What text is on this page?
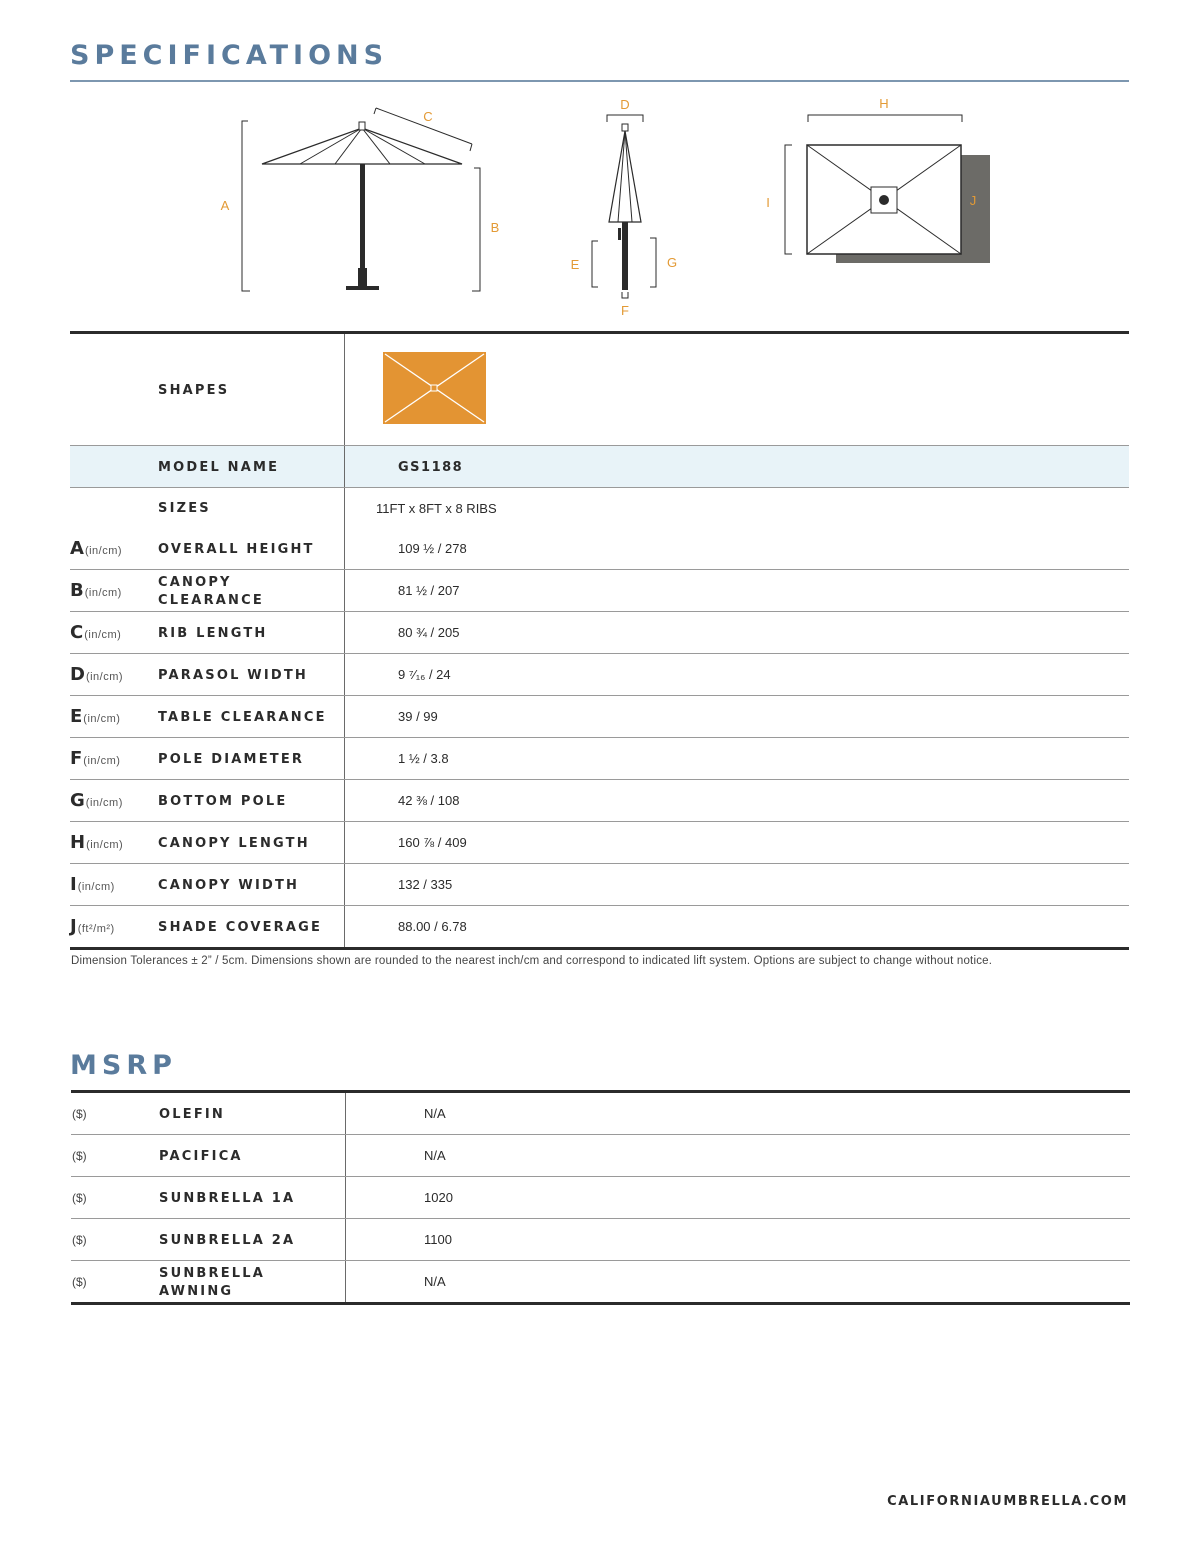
SPECIFICATIONS
A
B
C
D
E
F
G
H
I	J
	SHAPES	
	MODEL NAME	GS1188
	SIZES	11FT x 8FT x 8 RIBS
A(in/cm)	OVERALL HEIGHT	109 ½ / 278
B(in/cm)	CANOPY CLEARANCE	81 ½ / 207
C(in/cm)	RIB LENGTH	80 ¾ / 205
D(in/cm)	PARASOL WIDTH	9 ⁷⁄₁₆ / 24
E(in/cm)	TABLE CLEARANCE	39 / 99
F(in/cm)	POLE DIAMETER	1 ½ / 3.8
G(in/cm)	BOTTOM POLE	42 ⅜ / 108
H(in/cm)	CANOPY LENGTH	160 ⅞ / 409
I(in/cm)	CANOPY WIDTH	132 / 335
J(ft²/m²)	SHADE COVERAGE	88.00 / 6.78

Dimension Tolerances ± 2” / 5cm. Dimensions shown are rounded to the nearest inch/cm and correspond to indicated lift system. Options are subject to change without notice.

MSRP
($)	OLEFIN	N/A
($)	PACIFICA	N/A
($)	SUNBRELLA 1A	1020
($)	SUNBRELLA 2A	1100
($)	SUNBRELLA AWNING	N/A

CALIFORNIAUMBRELLA.COM
